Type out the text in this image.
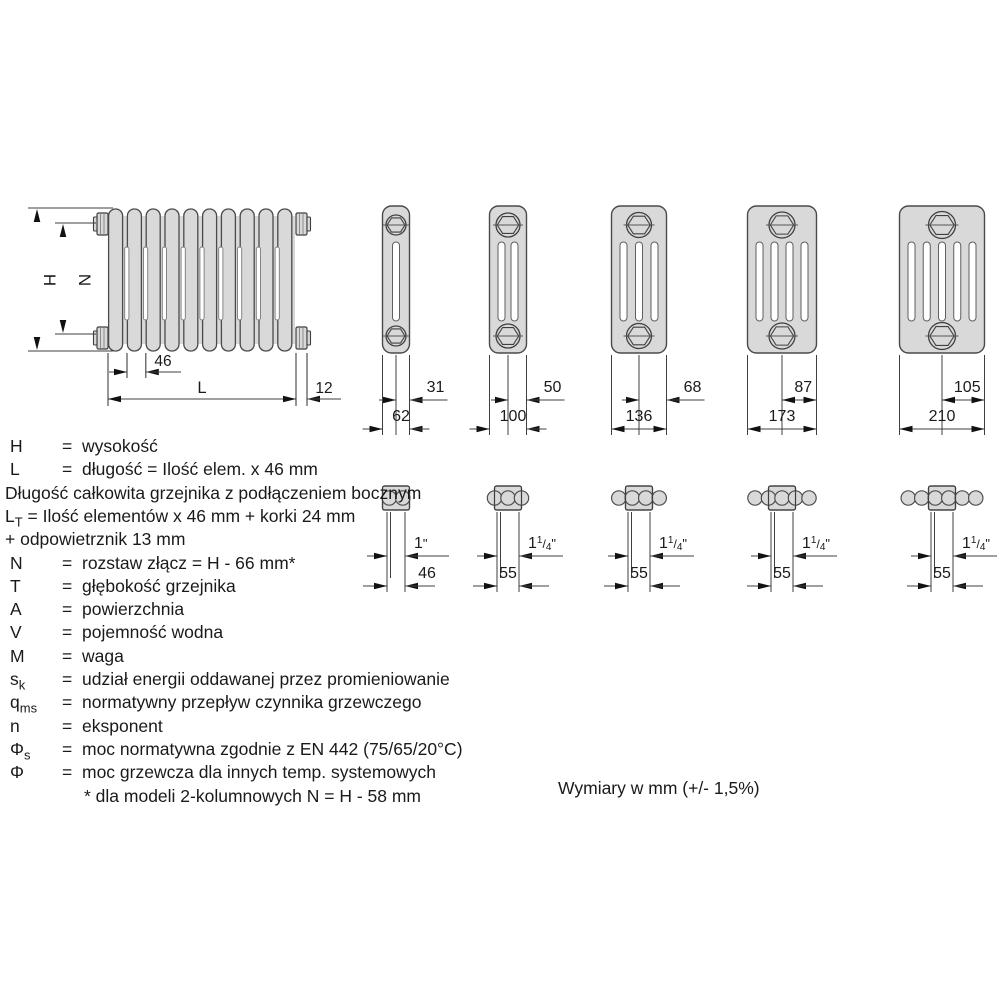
H N
46
L	12	31
62
1"
46
50
100
$1^1_/4$"
55
68
136
$1^1_/4$"
55
87
173
$1^1_/4$"
55
105
210
$1^1_/4$"
55
H = wysokość
L = długość = Ilość elem. x 46 mm
Długość całkowita grzejnika z podłączeniem bocznym
$L_T$ = Ilość elementów x 46 mm + korki 24 mm
+ odpowietrznik 13 mm
N = rozstaw złącz = H - 66 mm*
T = głębokość grzejnika
A = powierzchnia
V = pojemność wodna
M = waga
$s_k$ = udział energii oddawanej przez promieniowanie
$q_{ms}$ = normatywny przepływ czynnika grzewczego
n = eksponent
$\Phi_s$ = moc normatywna zgodnie z EN 442 (75/65/20°C)
Φ = moc grzewcza dla innych temp. systemowych
* dla modeli 2-kolumnowych N = H - 58 mm	Wymiary w mm (+/- 1,5%)
